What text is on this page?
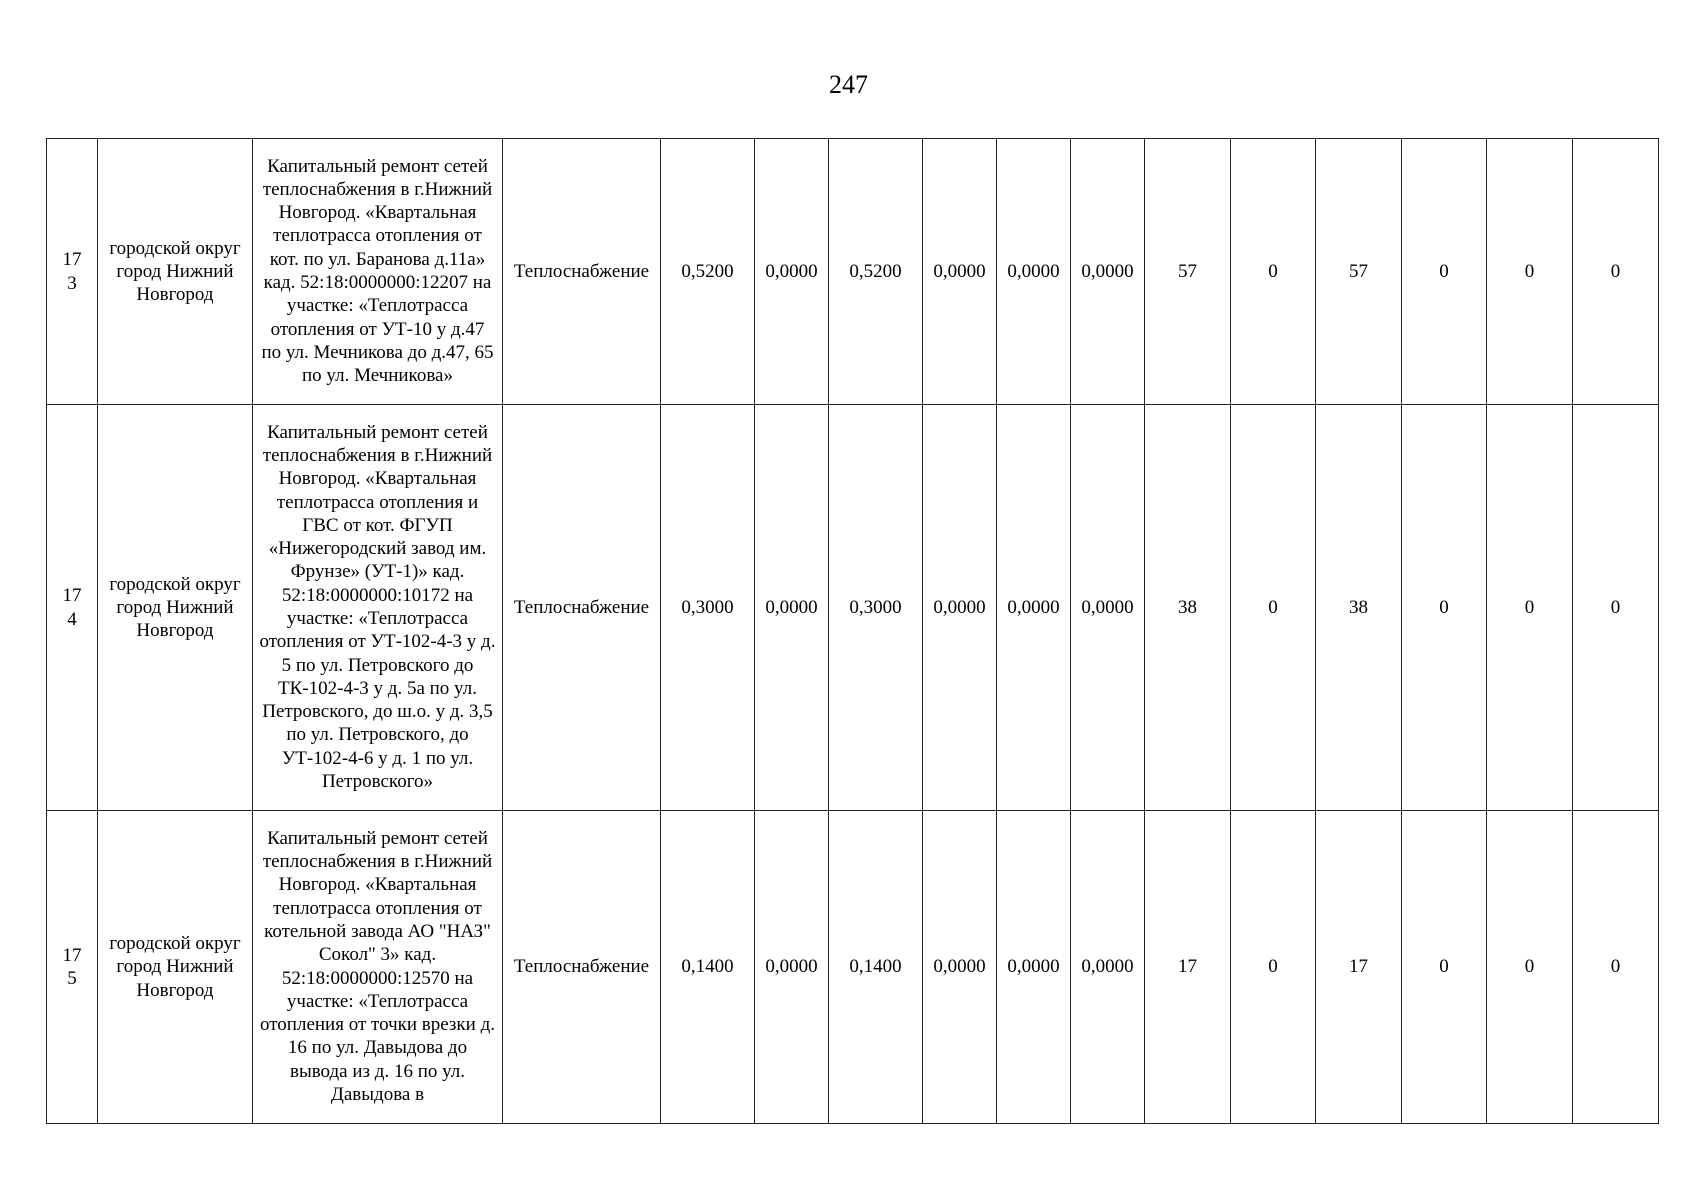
247
173	городской округ город Нижний Новгород	Капитальный ремонт сетей теплоснабжения в г.Нижний Новгород. «Квартальная теплотрасса отопления от кот. по ул. Баранова д.11а» кад. 52:18:0000000:12207 на участке: «Теплотрасса отопления от УТ-10 у д.47 по ул. Мечникова до д.47, 65 по ул. Мечникова»	Теплоснабжение	0,5200	0,0000	0,5200	0,0000	0,0000	0,0000	57	0	57	0	0	0
174	городской округ город Нижний Новгород	Капитальный ремонт сетей теплоснабжения в г.Нижний Новгород. «Квартальная теплотрасса отопления и ГВС от кот. ФГУП «Нижегородский завод им. Фрунзе» (УТ-1)» кад. 52:18:0000000:10172 на участке: «Теплотрасса отопления от УТ-102-4-3 у д. 5 по ул. Петровского до ТК-102-4-3 у д. 5а по ул. Петровского, до ш.о. у д. 3,5 по ул. Петровского, до УТ-102-4-6 у д. 1 по ул. Петровского»	Теплоснабжение	0,3000	0,0000	0,3000	0,0000	0,0000	0,0000	38	0	38	0	0	0
175	городской округ город Нижний Новгород	Капитальный ремонт сетей теплоснабжения в г.Нижний Новгород. «Квартальная теплотрасса отопления от котельной завода АО "НАЗ" Сокол" 3» кад. 52:18:0000000:12570 на участке: «Теплотрасса отопления от точки врезки д. 16 по ул. Давыдова до вывода из д. 16 по ул. Давыдова в	Теплоснабжение	0,1400	0,0000	0,1400	0,0000	0,0000	0,0000	17	0	17	0	0	0
